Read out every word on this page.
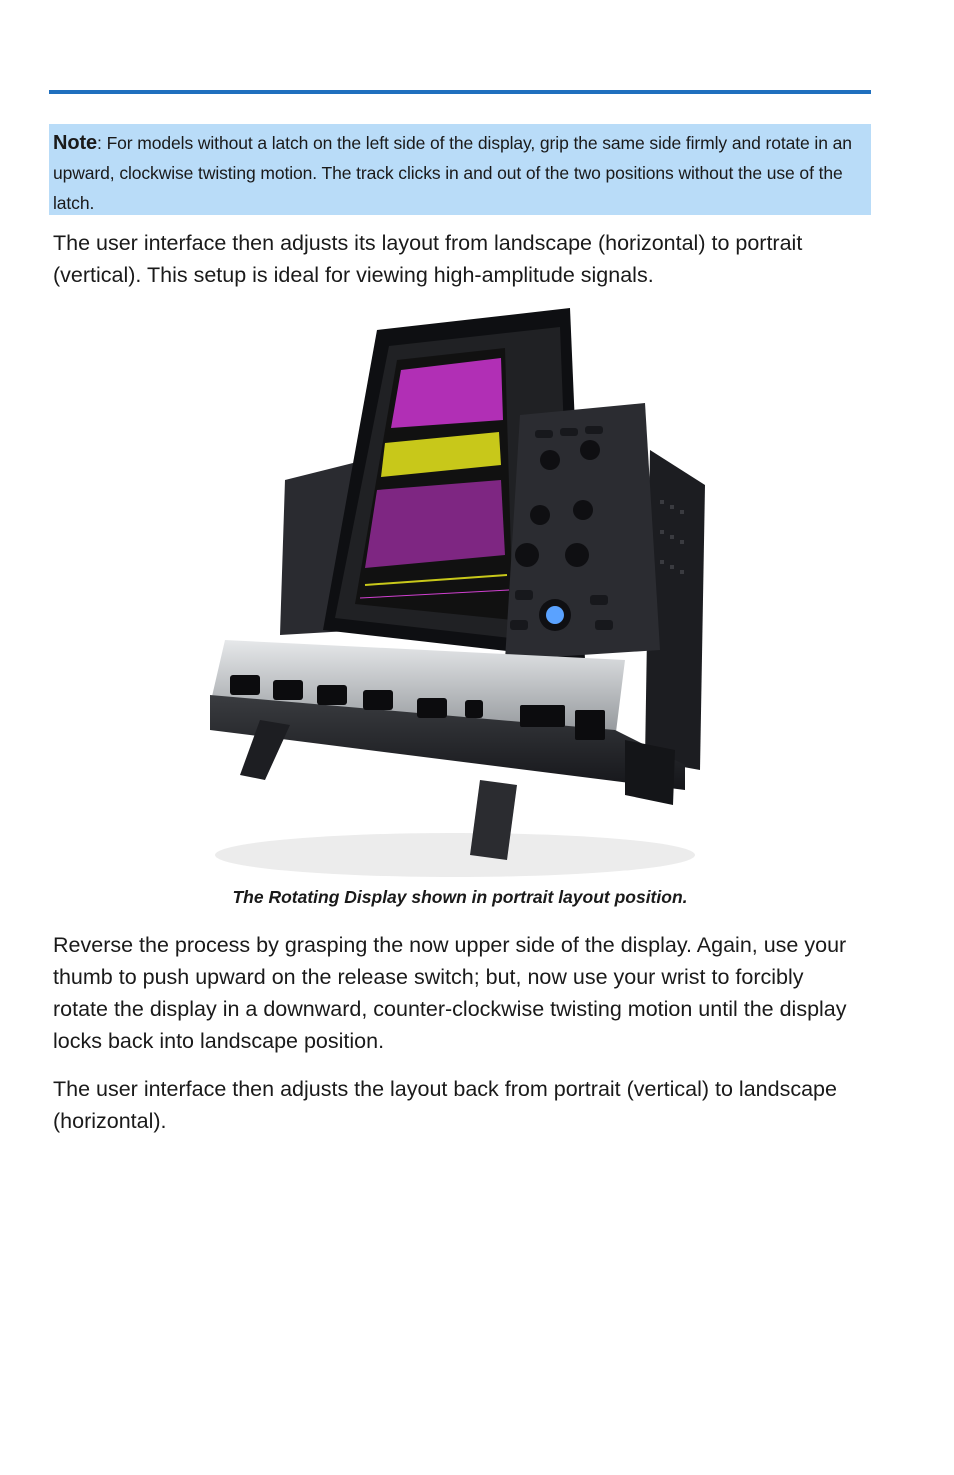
Note: For models without a latch on the left side of the display, grip the same side firmly and rotate in an upward, clockwise twisting motion. The track clicks in and out of the two positions without the use of the latch.

The user interface then adjusts its layout from landscape (horizontal) to portrait (vertical). This setup is ideal for viewing high-amplitude signals.

The Rotating Display shown in portrait layout position.

Reverse the process by grasping the now upper side of the display. Again, use your thumb to push upward on the release switch; but, now use your wrist to forcibly rotate the display in a downward, counter-clockwise twisting motion until the display locks back into landscape position.

The user interface then adjusts the layout back from portrait (vertical) to landscape (horizontal).
